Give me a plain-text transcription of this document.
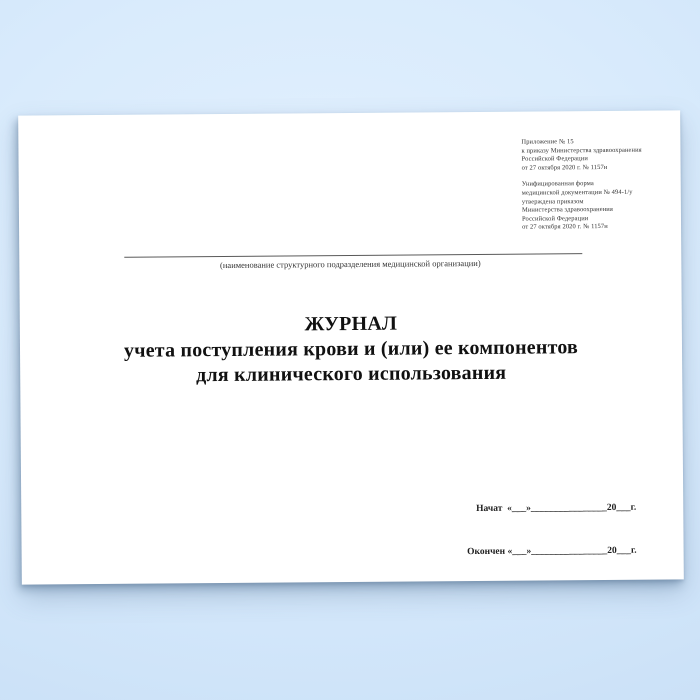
Приложение № 15
к приказу Министерства здравоохранения
Российской Федерации
от 27 октября 2020 г. № 1157н
Унифицированная форма
медицинской документации № 494-1/у
утверждена приказом
Министерства здравоохранения
Российской Федерации
от 27 октября 2020 г. № 1157н
(наименование структурного подразделения медицинской организации)
ЖУРНАЛ
учета поступления крови и (или) ее компонентов
для клинического использования

Начат  «___»________________20___г.

Окончен «___»________________20___г.
